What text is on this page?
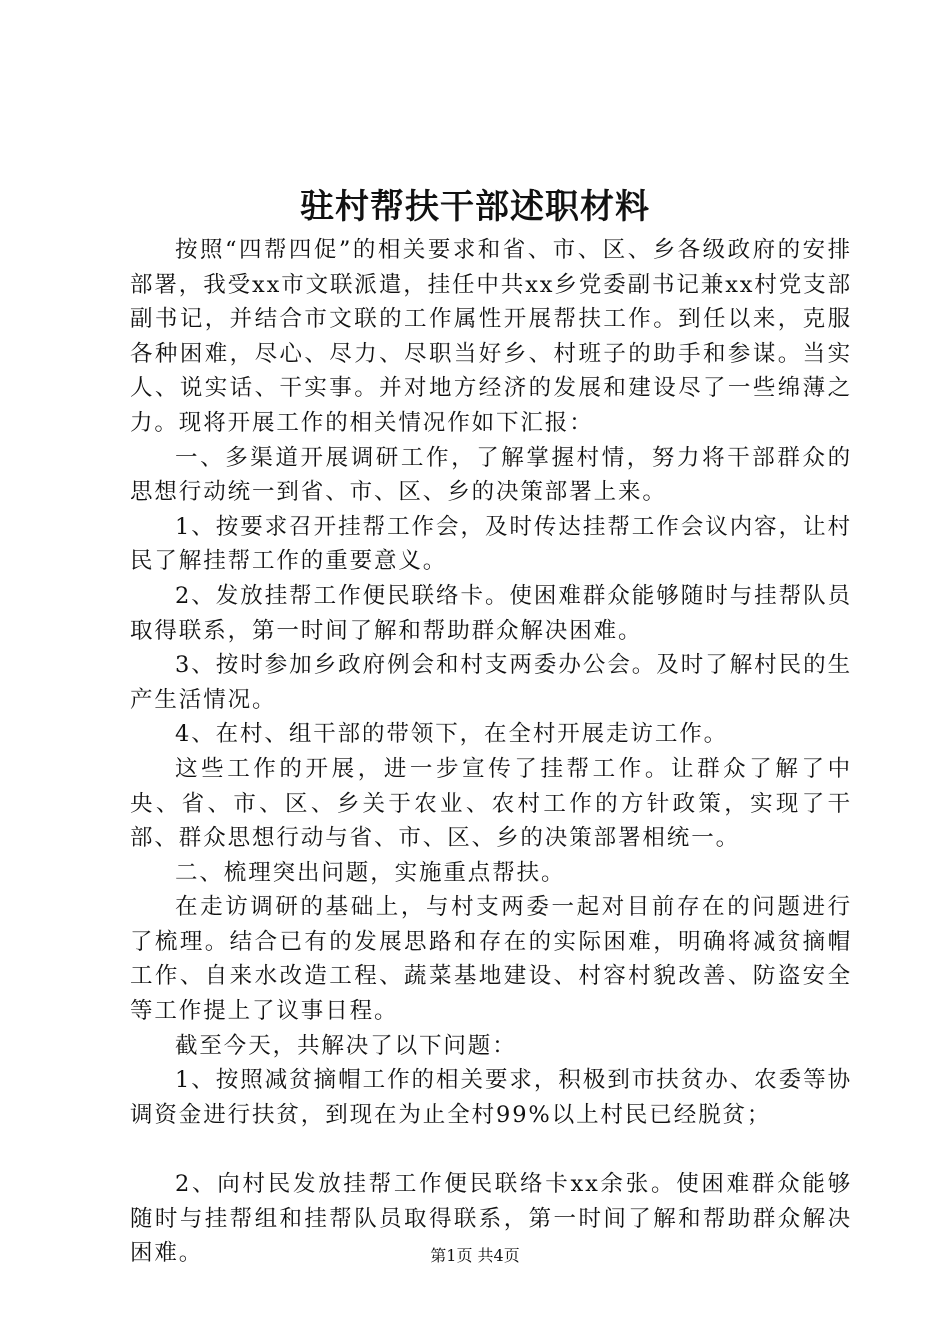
驻村帮扶干部述职材料

按照“四帮四促”的相关要求和省、市、区、乡各级政府的安排部署，我受xx市文联派遣，挂任中共xx乡党委副书记兼xx村党支部副书记，并结合市文联的工作属性开展帮扶工作。到任以来，克服各种困难，尽心、尽力、尽职当好乡、村班子的助手和参谋。当实人、说实话、干实事。并对地方经济的发展和建设尽了一些绵薄之力。现将开展工作的相关情况作如下汇报：

一、多渠道开展调研工作，了解掌握村情，努力将干部群众的思想行动统一到省、市、区、乡的决策部署上来。

1、按要求召开挂帮工作会，及时传达挂帮工作会议内容，让村民了解挂帮工作的重要意义。

2、发放挂帮工作便民联络卡。使困难群众能够随时与挂帮队员取得联系，第一时间了解和帮助群众解决困难。

3、按时参加乡政府例会和村支两委办公会。及时了解村民的生产生活情况。

4、在村、组干部的带领下，在全村开展走访工作。

这些工作的开展，进一步宣传了挂帮工作。让群众了解了中央、省、市、区、乡关于农业、农村工作的方针政策，实现了干部、群众思想行动与省、市、区、乡的决策部署相统一。

二、梳理突出问题，实施重点帮扶。

在走访调研的基础上，与村支两委一起对目前存在的问题进行了梳理。结合已有的发展思路和存在的实际困难，明确将减贫摘帽工作、自来水改造工程、蔬菜基地建设、村容村貌改善、防盗安全等工作提上了议事日程。

截至今天，共解决了以下问题：

1、按照减贫摘帽工作的相关要求，积极到市扶贫办、农委等协调资金进行扶贫，到现在为止全村99%以上村民已经脱贫；

2、向村民发放挂帮工作便民联络卡xx余张。使困难群众能够随时与挂帮组和挂帮队员取得联系，第一时间了解和帮助群众解决困难。	第1页 共4页
